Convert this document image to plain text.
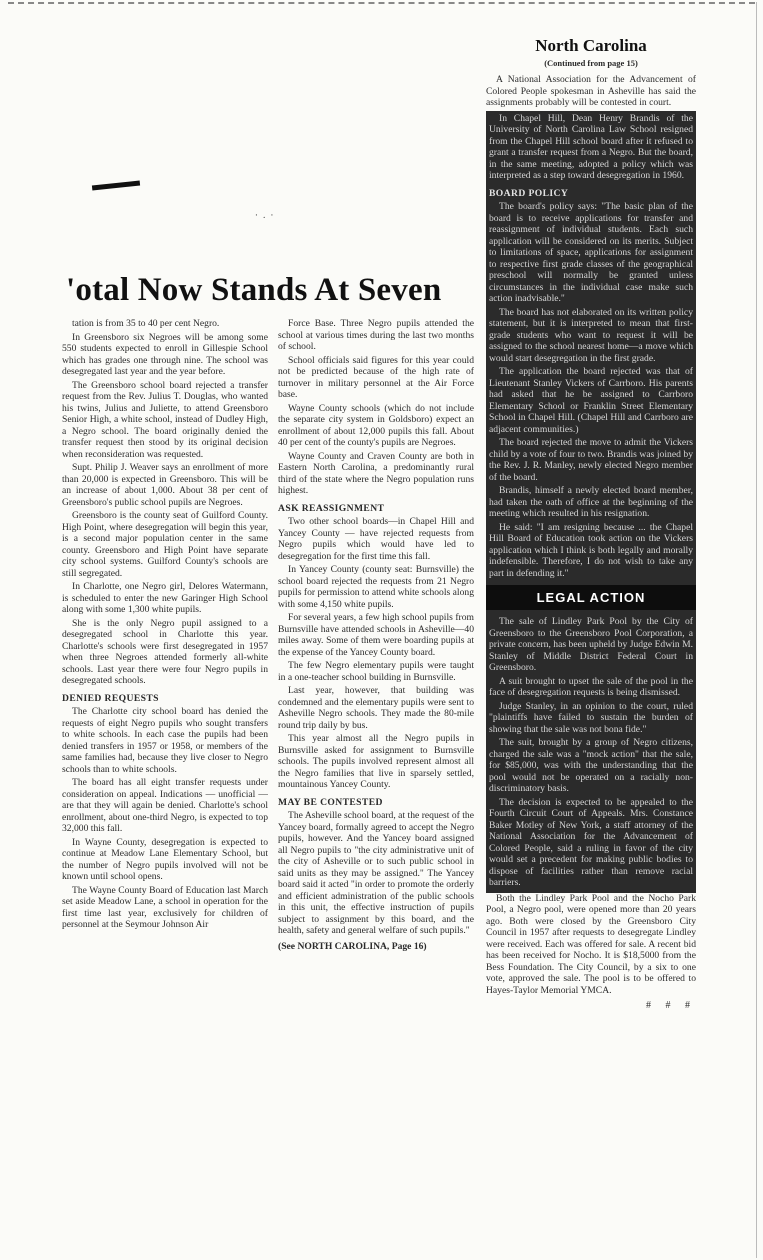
· . ·
'otal Now Stands At Seven

tation is from 35 to 40 per cent Negro.

In Greensboro six Negroes will be among some 550 students expected to enroll in Gillespie School which has grades one through nine. The school was desegregated last year and the year before.

The Greensboro school board rejected a transfer request from the Rev. Julius T. Douglas, who wanted his twins, Julius and Juliette, to attend Greensboro Senior High, a white school, instead of Dudley High, a Negro school. The board originally denied the transfer request then stood by its original decision when reconsideration was requested.

Supt. Philip J. Weaver says an enrollment of more than 20,000 is expected in Greensboro. This will be an increase of about 1,000. About 38 per cent of Greensboro's public school pupils are Negroes.

Greensboro is the county seat of Guilford County. High Point, where desegregation will begin this year, is a second major population center in the same county. Greensboro and High Point have separate city school systems. Guilford County's schools are still segregated.

In Charlotte, one Negro girl, Delores Watermann, is scheduled to enter the new Garinger High School along with some 1,300 white pupils.

She is the only Negro pupil assigned to a desegregated school in Charlotte this year. Charlotte's schools were first desegregated in 1957 when three Negroes attended formerly all-white schools. Last year there were four Negro pupils in desegregated schools.

DENIED REQUESTS

The Charlotte city school board has denied the requests of eight Negro pupils who sought transfers to white schools. In each case the pupils had been denied transfers in 1957 or 1958, or members of the same families had, because they live closer to Negro schools than to white schools.

The board has all eight transfer requests under consideration on appeal. Indications — unofficial — are that they will again be denied. Charlotte's school enrollment, about one-third Negro, is expected to top 32,000 this fall.

In Wayne County, desegregation is expected to continue at Meadow Lane Elementary School, but the number of Negro pupils involved will not be known until school opens.

The Wayne County Board of Education last March set aside Meadow Lane, a school in operation for the first time last year, exclusively for children of personnel at the Seymour Johnson Air

Force Base. Three Negro pupils attended the school at various times during the last two months of school.

School officials said figures for this year could not be predicted because of the high rate of turnover in military personnel at the Air Force base.

Wayne County schools (which do not include the separate city system in Goldsboro) expect an enrollment of about 12,000 pupils this fall. About 40 per cent of the county's pupils are Negroes.

Wayne County and Craven County are both in Eastern North Carolina, a predominantly rural third of the state where the Negro population runs highest.

ASK REASSIGNMENT

Two other school boards—in Chapel Hill and Yancey County — have rejected requests from Negro pupils which would have led to desegregation for the first time this fall.

In Yancey County (county seat: Burnsville) the school board rejected the requests from 21 Negro pupils for permission to attend white schools along with some 4,150 white pupils.

For several years, a few high school pupils from Burnsville have attended schools in Asheville—40 miles away. Some of them were boarding pupils at the expense of the Yancey County board.

The few Negro elementary pupils were taught in a one-teacher school building in Burnsville.

Last year, however, that building was condemned and the elementary pupils were sent to Asheville Negro schools. They made the 80-mile round trip daily by bus.

This year almost all the Negro pupils in Burnsville asked for assignment to Burnsville schools. The pupils involved represent almost all the Negro families that live in sparsely settled, mountainous Yancey County.

MAY BE CONTESTED

The Asheville school board, at the request of the Yancey board, formally agreed to accept the Negro pupils, however. And the Yancey board assigned all Negro pupils to "the city administrative unit of the city of Asheville or to such public school in said units as they may be assigned." The Yancey board said it acted "in order to promote the orderly and efficient administration of the public schools in this unit, the effective instruction of pupils subject to assignment by this board, and the health, safety and general welfare of such pupils."

(See NORTH CAROLINA, Page 16)
North Carolina
(Continued from page 15)

A National Association for the Advancement of Colored People spokesman in Asheville has said the assignments probably will be contested in court.

In Chapel Hill, Dean Henry Brandis of the University of North Carolina Law School resigned from the Chapel Hill school board after it refused to grant a transfer request from a Negro. But the board, in the same meeting, adopted a policy which was interpreted as a step toward desegregation in 1960.

BOARD POLICY

The board's policy says: "The basic plan of the board is to receive applications for transfer and reassignment of individual students. Each such application will be considered on its merits. Subject to limitations of space, applications for assignment to respective first grade classes of the geographical preschool will normally be granted unless circumstances in the individual case make such action inadvisable."

The board has not elaborated on its written policy statement, but it is interpreted to mean that first-grade students who want to request it will be assigned to the school nearest home—a move which would start desegregation in the first grade.

The application the board rejected was that of Lieutenant Stanley Vickers of Carrboro. His parents had asked that he be assigned to Carrboro Elementary School or Franklin Street Elementary School in Chapel Hill. (Chapel Hill and Carrboro are adjacent communities.)

The board rejected the move to admit the Vickers child by a vote of four to two. Brandis was joined by the Rev. J. R. Manley, newly elected Negro member of the board.

Brandis, himself a newly elected board member, had taken the oath of office at the beginning of the meeting which resulted in his resignation.

He said: "I am resigning because ... the Chapel Hill Board of Education took action on the Vickers application which I think is both legally and morally indefensible. Therefore, I do not wish to take any part in defending it."

LEGAL ACTION

The sale of Lindley Park Pool by the City of Greensboro to the Greensboro Pool Corporation, a private concern, has been upheld by Judge Edwin M. Stanley of Middle District Federal Court in Greensboro.

A suit brought to upset the sale of the pool in the face of desegregation requests is being dismissed.

Judge Stanley, in an opinion to the court, ruled "plaintiffs have failed to sustain the burden of showing that the sale was not bona fide."

The suit, brought by a group of Negro citizens, charged the sale was a "mock action" that the sale, for $85,000, was with the understanding that the pool would not be operated on a racially non-discriminatory basis.

The decision is expected to be appealed to the Fourth Circuit Court of Appeals. Mrs. Constance Baker Motley of New York, a staff attorney of the National Association for the Advancement of Colored People, said a ruling in favor of the city would set a precedent for making public bodies to dispose of facilities rather than remove racial barriers.

Both the Lindley Park Pool and the Nocho Park Pool, a Negro pool, were opened more than 20 years ago. Both were closed by the Greensboro City Council in 1957 after requests to desegregate Lindley were received. Each was offered for sale. A recent bid has been received for Nocho. It is $18,5000 from the Bess Foundation. The City Council, by a six to one vote, approved the sale. The pool is to be offered to Hayes-Taylor Memorial YMCA.

# # #
